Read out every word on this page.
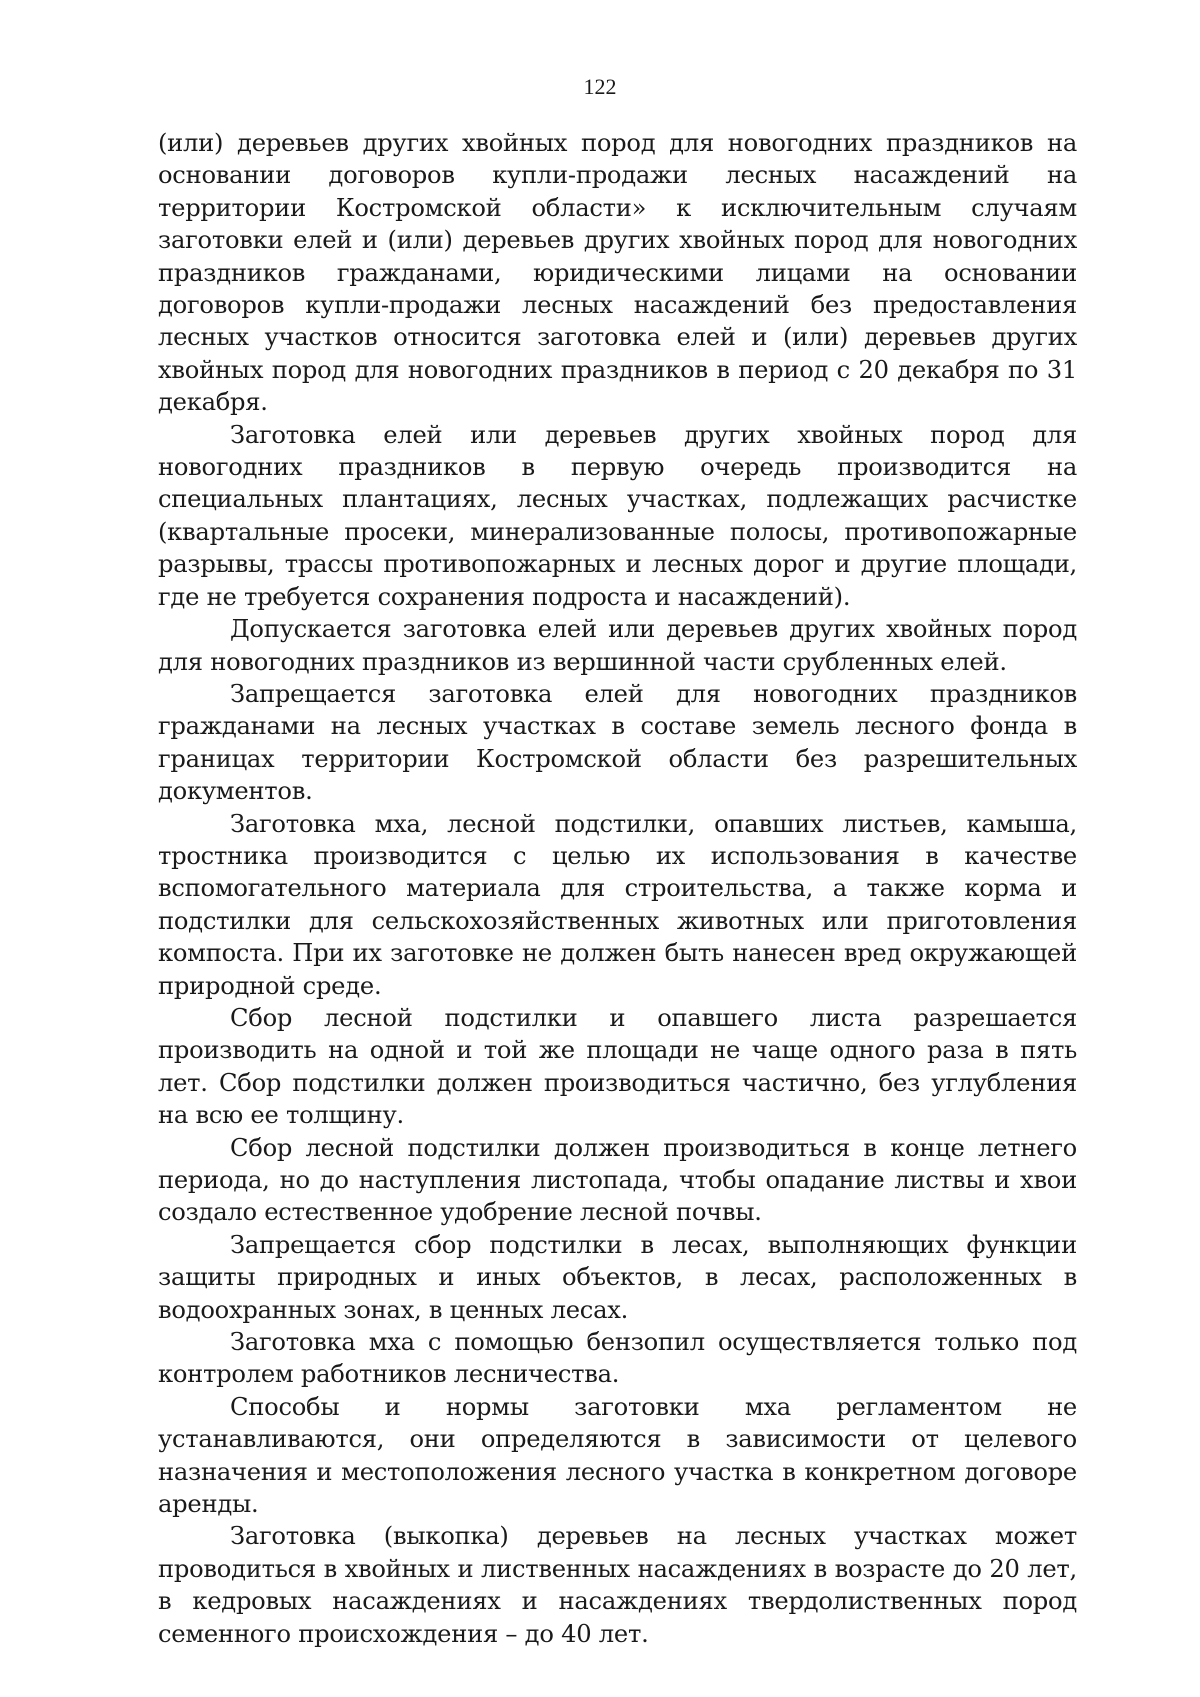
122

(или) деревьев других хвойных пород для новогодних праздников на основании договоров купли-продажи лесных насаждений на территории Костромской области» к исключительным случаям заготовки елей и (или) деревьев других хвойных пород для новогодних праздников гражданами, юридическими лицами на основании договоров купли-продажи лесных насаждений без предоставления лесных участков относится заготовка елей и (или) деревьев других хвойных пород для новогодних праздников в период с 20 декабря по 31 декабря.

Заготовка елей или деревьев других хвойных пород для новогодних праздников в первую очередь производится на специальных плантациях, лесных участках, подлежащих расчистке (квартальные просеки, минерализованные полосы, противопожарные разрывы, трассы противопожарных и лесных дорог и другие площади, где не требуется сохранения подроста и насаждений).

Допускается заготовка елей или деревьев других хвойных пород для новогодних праздников из вершинной части срубленных елей.

Запрещается заготовка елей для новогодних праздников гражданами на лесных участках в составе земель лесного фонда в границах территории Костромской области без разрешительных документов.

Заготовка мха, лесной подстилки, опавших листьев, камыша, тростника производится с целью их использования в качестве вспомогательного материала для строительства, а также корма и подстилки для сельскохозяйственных животных или приготовления компоста. При их заготовке не должен быть нанесен вред окружающей природной среде.

Сбор лесной подстилки и опавшего листа разрешается производить на одной и той же площади не чаще одного раза в пять лет. Сбор подстилки должен производиться частично, без углубления на всю ее толщину.

Сбор лесной подстилки должен производиться в конце летнего периода, но до наступления листопада, чтобы опадание листвы и хвои создало естественное удобрение лесной почвы.

Запрещается сбор подстилки в лесах, выполняющих функции защиты природных и иных объектов, в лесах, расположенных в водоохранных зонах, в ценных лесах.

Заготовка мха с помощью бензопил осуществляется только под контролем работников лесничества.

Способы и нормы заготовки мха регламентом не устанавливаются, они определяются в зависимости от целевого назначения и местоположения лесного участка в конкретном договоре аренды.

Заготовка (выкопка) деревьев на лесных участках может проводиться в хвойных и лиственных насаждениях в возрасте до 20 лет, в кедровых насаждениях и насаждениях твердолиственных пород семенного происхождения – до 40 лет.
